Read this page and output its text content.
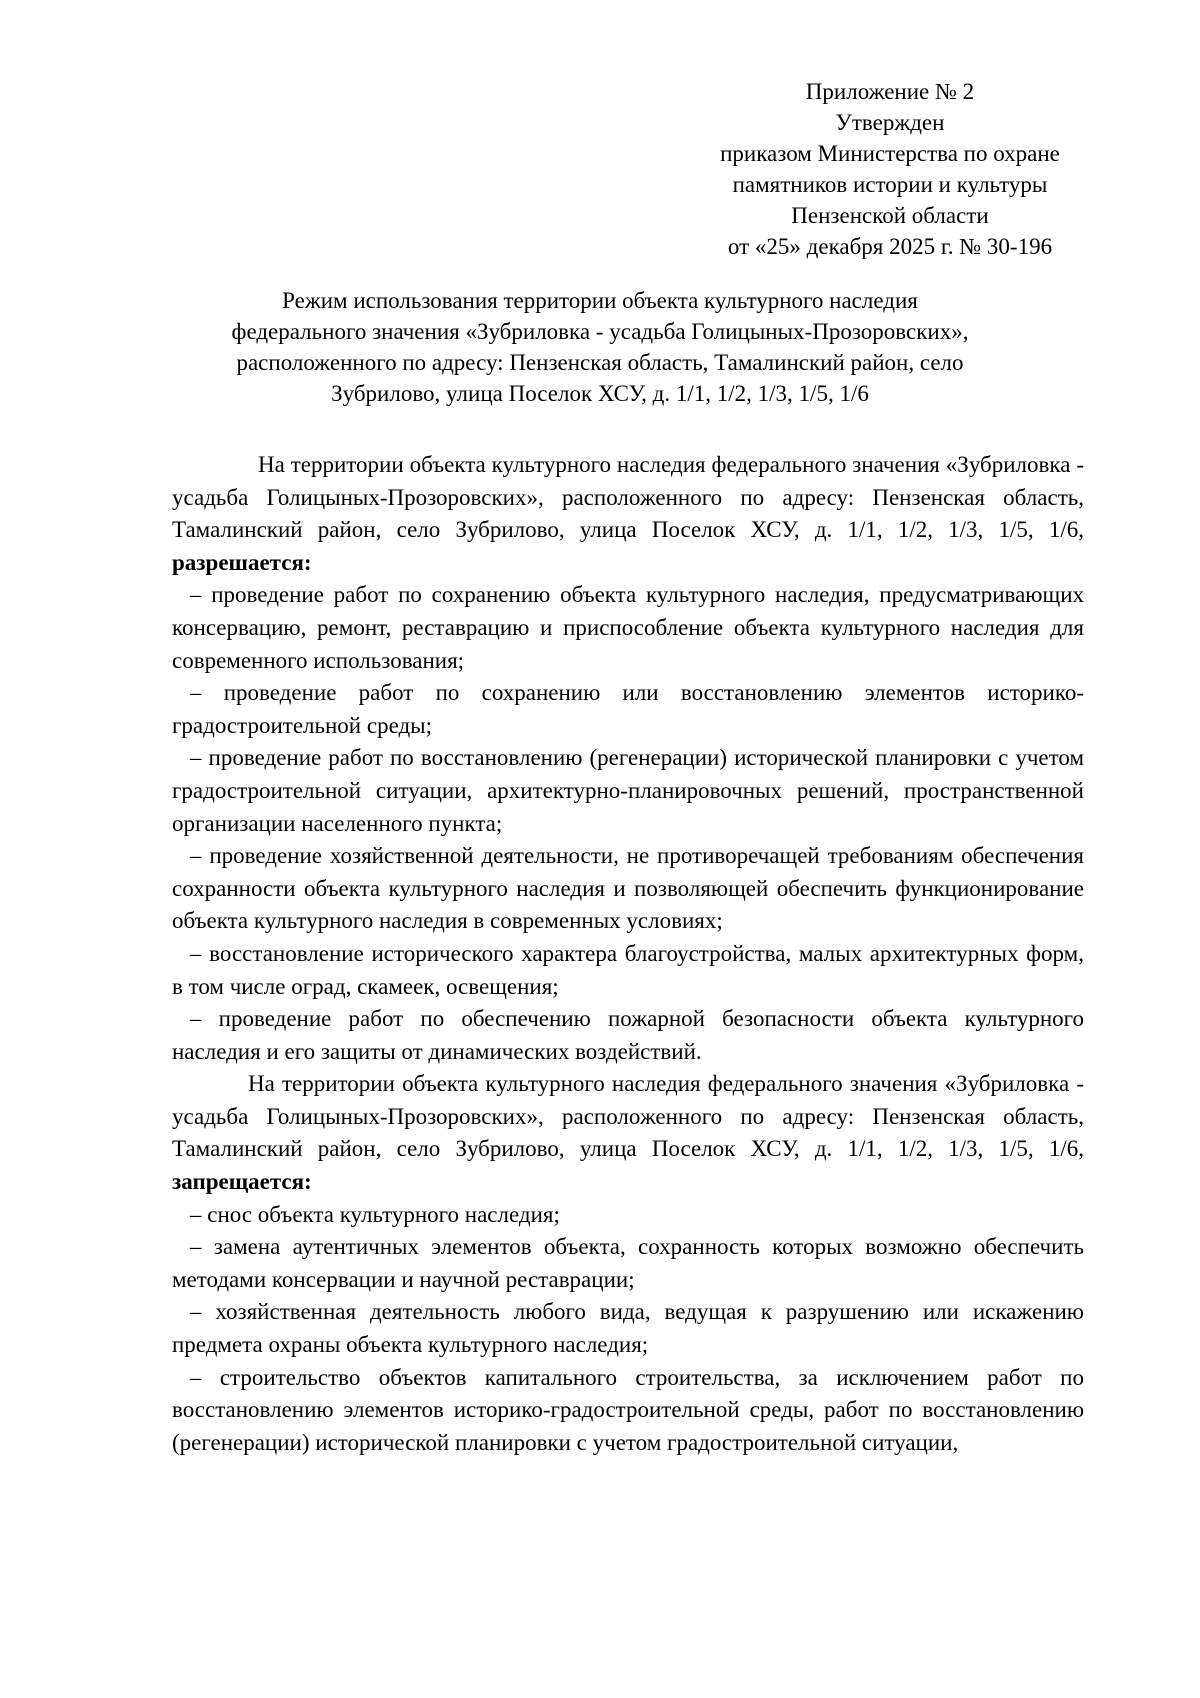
Приложение № 2
Утвержден
приказом Министерства по охране
памятников истории и культуры
Пензенской области
от «25» декабря 2025 г. № 30-196
Режим использования территории объекта культурного наследия
федерального значения «Зубриловка - усадьба Голицыных-Прозоровских»,
расположенного по адресу: Пензенская область, Тамалинский район, село
Зубрилово, улица Поселок ХСУ, д. 1/1, 1/2, 1/3, 1/5, 1/6

На территории объекта культурного наследия федерального значения «Зубриловка - усадьба Голицыных-Прозоровских», расположенного по адресу: Пензенская область, Тамалинский район, село Зубрилово, улица Поселок ХСУ, д. 1/1, 1/2, 1/3, 1/5, 1/6, разрешается:

– проведение работ по сохранению объекта культурного наследия, предусматривающих консервацию, ремонт, реставрацию и приспособление объекта культурного наследия для современного использования;

– проведение работ по сохранению или восстановлению элементов историко-градостроительной среды;

– проведение работ по восстановлению (регенерации) исторической планировки с учетом градостроительной ситуации, архитектурно-планировочных решений, пространственной организации населенного пункта;

– проведение хозяйственной деятельности, не противоречащей требованиям обеспечения сохранности объекта культурного наследия и позволяющей обеспечить функционирование объекта культурного наследия в современных условиях;

– восстановление исторического характера благоустройства, малых архитектурных форм, в том числе оград, скамеек, освещения;

– проведение работ по обеспечению пожарной безопасности объекта культурного наследия и его защиты от динамических воздействий.

На территории объекта культурного наследия федерального значения «Зубриловка - усадьба Голицыных-Прозоровских», расположенного по адресу: Пензенская область, Тамалинский район, село Зубрилово, улица Поселок ХСУ, д. 1/1, 1/2, 1/3, 1/5, 1/6, запрещается:

– снос объекта культурного наследия;

– замена аутентичных элементов объекта, сохранность которых возможно обеспечить методами консервации и научной реставрации;

– хозяйственная деятельность любого вида, ведущая к разрушению или искажению предмета охраны объекта культурного наследия;

– строительство объектов капитального строительства, за исключением работ по восстановлению элементов историко-градостроительной среды, работ по восстановлению (регенерации) исторической планировки с учетом градостроительной ситуации,
